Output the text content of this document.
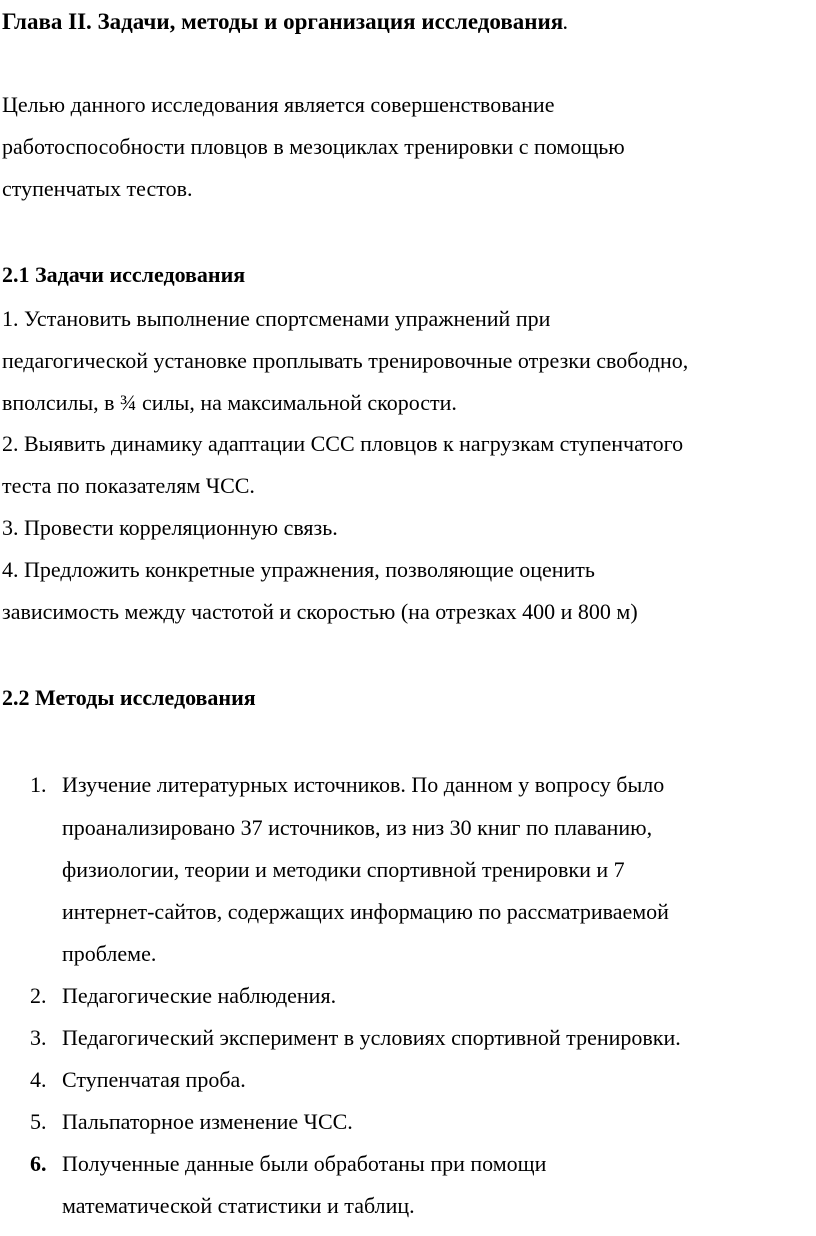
Глава II. Задачи, методы и организация исследования.
Целью данного исследования является совершенствование
работоспособности пловцов в мезоциклах тренировки с помощью
ступенчатых тестов.
2.1 Задачи исследования
1. Установить выполнение спортсменами упражнений при
педагогической установке проплывать тренировочные отрезки свободно,
вполсилы, в ¾ силы, на максимальной скорости.
2. Выявить динамику адаптации ССС пловцов к нагрузкам ступенчатого
теста по показателям ЧСС.
3. Провести корреляционную связь.
4. Предложить конкретные упражнения, позволяющие оценить
зависимость между частотой и скоростью (на отрезках 400 и 800 м)
2.2 Методы исследования
1. Изучение литературных источников. По данном у вопросу было
проанализировано 37 источников, из низ 30 книг по плаванию,
физиологии, теории и методики спортивной тренировки и 7
интернет-сайтов, содержащих информацию по рассматриваемой
проблеме.
2. Педагогические наблюдения.
3. Педагогический эксперимент в условиях спортивной тренировки.
4. Ступенчатая проба.
5. Пальпаторное изменение ЧСС.
6. Полученные данные были обработаны при помощи
математической статистики и таблиц.
